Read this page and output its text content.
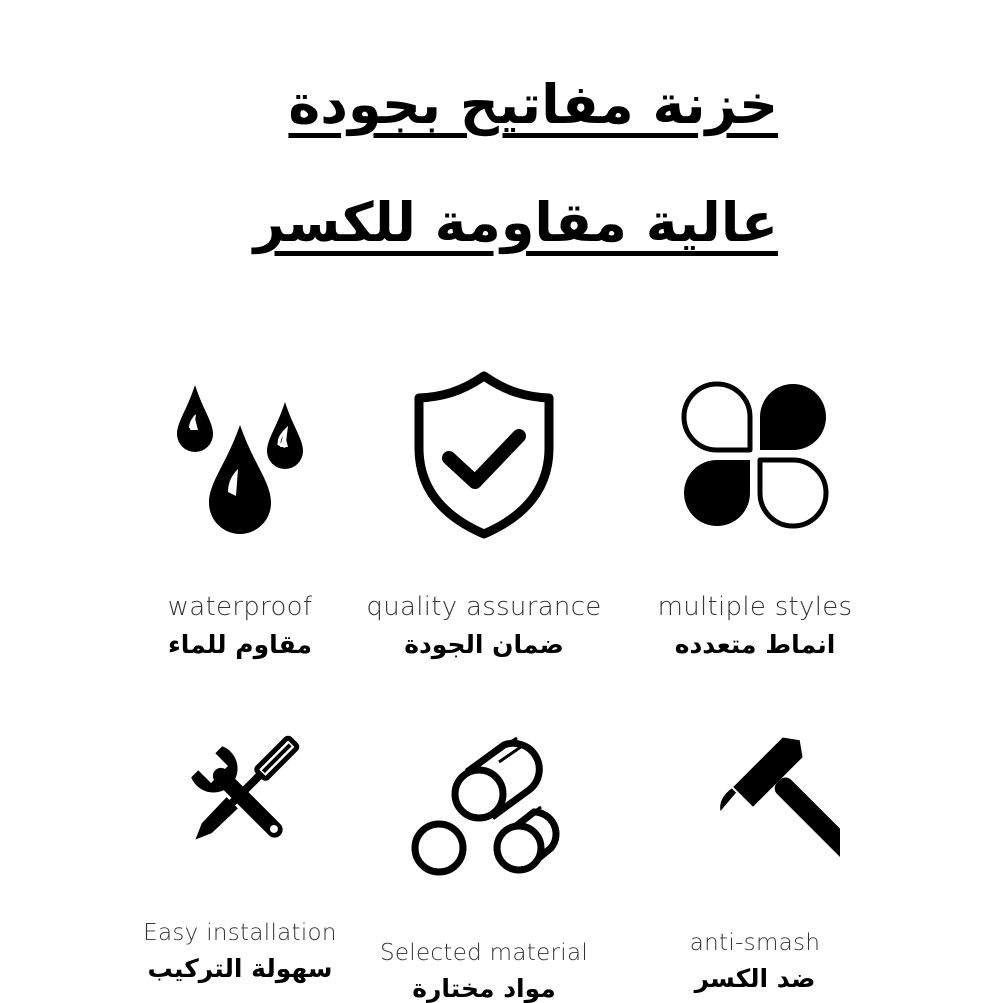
خزنة مفاتيح بجودة
عالية مقاومة للكسر
waterproof
مقاوم للماء
quality assurance
ضمان الجودة
multiple styles
انماط متعدده
Easy installation
سهولة التركيب
Selected material
مواد مختارة
anti-smash
ضد الكسر
